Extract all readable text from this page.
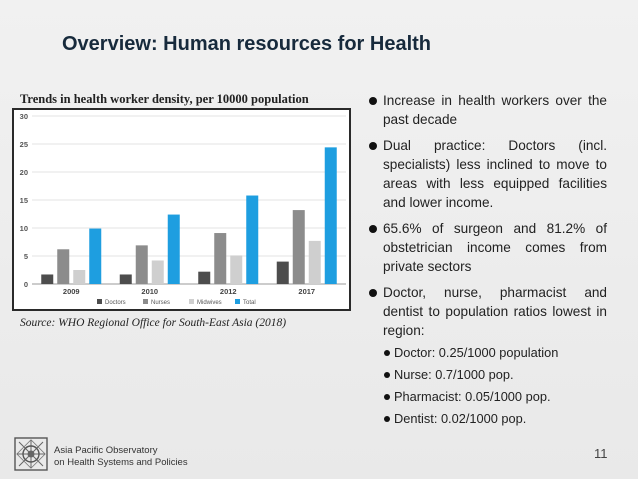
Overview: Human resources for Health
Trends in health worker density, per 10000 population
0
5
10
15
20
25
30
2009	2010	2012	2017
Doctors	Nurses	Midwives	Total
Source: WHO Regional Office for South-East Asia (2018)
Increase in health workers over the past decade
Dual practice: Doctors (incl. specialists) less inclined to move to areas with less equipped facilities and lower income.
65.6% of surgeon and 81.2% of obstetrician income comes from private sectors
Doctor, nurse, pharmacist and dentist to population ratios lowest in region:
Doctor: 0.25/1000 population
Nurse: 0.7/1000 pop.
Pharmacist: 0.05/1000 pop.
Dentist: 0.02/1000 pop.
Asia Pacific Observatory
on Health Systems and Policies
11
